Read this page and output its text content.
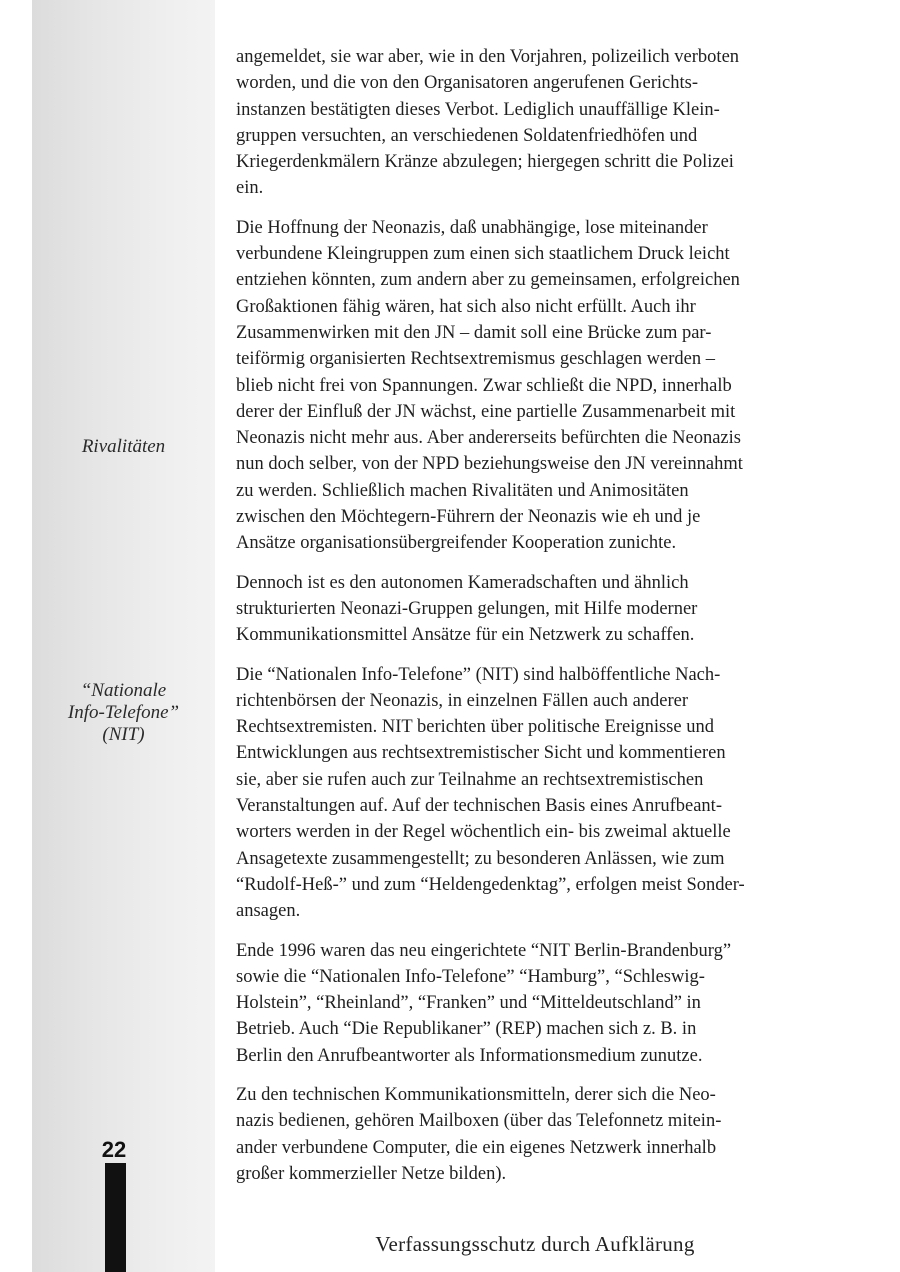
Rivalitäten
“Nationale
Info-Telefone”
(NIT)
22

angemeldet, sie war aber, wie in den Vorjahren, polizeilich verboten
worden, und die von den Organisatoren angerufenen Gerichts-
instanzen bestätigten dieses Verbot. Lediglich unauffällige Klein-
gruppen versuchten, an verschiedenen Soldatenfriedhöfen und
Kriegerdenkmälern Kränze abzulegen; hiergegen schritt die Polizei
ein.

Die Hoffnung der Neonazis, daß unabhängige, lose miteinander
verbundene Kleingruppen zum einen sich staatlichem Druck leicht
entziehen könnten, zum andern aber zu gemeinsamen, erfolgreichen
Großaktionen fähig wären, hat sich also nicht erfüllt. Auch ihr
Zusammenwirken mit den JN – damit soll eine Brücke zum par-
teiförmig organisierten Rechtsextremismus geschlagen werden –
blieb nicht frei von Spannungen. Zwar schließt die NPD, innerhalb
derer der Einfluß der JN wächst, eine partielle Zusammenarbeit mit
Neonazis nicht mehr aus. Aber andererseits befürchten die Neonazis
nun doch selber, von der NPD beziehungsweise den JN vereinnahmt
zu werden. Schließlich machen Rivalitäten und Animositäten
zwischen den Möchtegern-Führern der Neonazis wie eh und je
Ansätze organisationsübergreifender Kooperation zunichte.

Dennoch ist es den autonomen Kameradschaften und ähnlich
strukturierten Neonazi-Gruppen gelungen, mit Hilfe moderner
Kommunikationsmittel Ansätze für ein Netzwerk zu schaffen.

Die “Nationalen Info-Telefone” (NIT) sind halböffentliche Nach-
richtenbörsen der Neonazis, in einzelnen Fällen auch anderer
Rechtsextremisten. NIT berichten über politische Ereignisse und
Entwicklungen aus rechtsextremistischer Sicht und kommentieren
sie, aber sie rufen auch zur Teilnahme an rechtsextremistischen
Veranstaltungen auf. Auf der technischen Basis eines Anrufbeant-
worters werden in der Regel wöchentlich ein- bis zweimal aktuelle
Ansagetexte zusammengestellt; zu besonderen Anlässen, wie zum
“Rudolf-Heß-” und zum “Heldengedenktag”, erfolgen meist Sonder-
ansagen.

Ende 1996 waren das neu eingerichtete “NIT Berlin-Brandenburg”
sowie die “Nationalen Info-Telefone” “Hamburg”, “Schleswig-
Holstein”, “Rheinland”, “Franken” und “Mitteldeutschland” in
Betrieb. Auch “Die Republikaner” (REP) machen sich z. B. in
Berlin den Anrufbeantworter als Informationsmedium zunutze.

Zu den technischen Kommunikationsmitteln, derer sich die Neo-
nazis bedienen, gehören Mailboxen (über das Telefonnetz mitein-
ander verbundene Computer, die ein eigenes Netzwerk innerhalb
großer kommerzieller Netze bilden).

Verfassungsschutz durch Aufklärung
